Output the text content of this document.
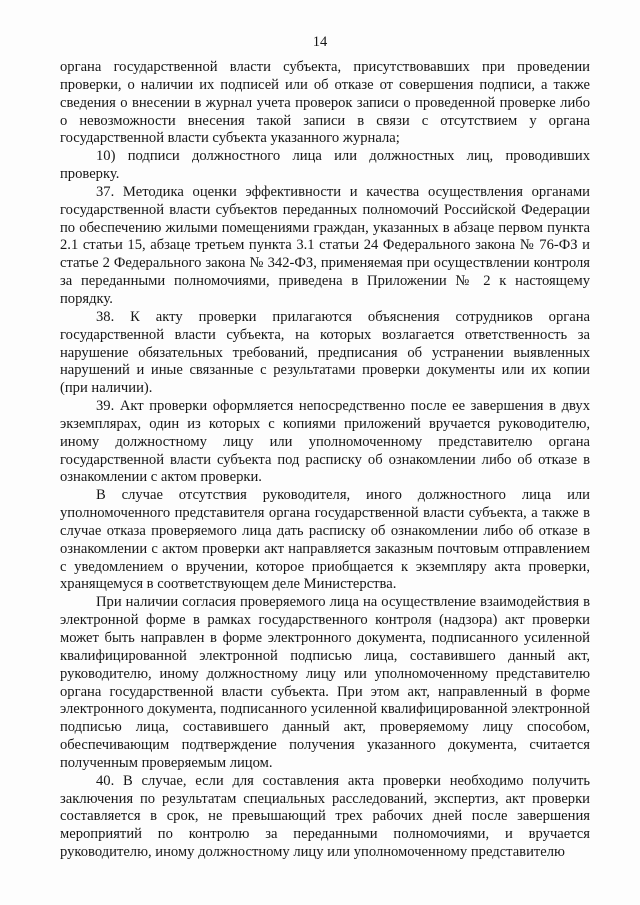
14

органа государственной власти субъекта, присутствовавших при проведении проверки, о наличии их подписей или об отказе от совершения подписи, а также сведения о внесении в журнал учета проверок записи о проведенной проверке либо о невозможности внесения такой записи в связи с отсутствием у органа государственной власти субъекта указанного журнала;

10) подписи должностного лица или должностных лиц, проводивших проверку.

37. Методика оценки эффективности и качества осуществления органами государственной власти субъектов переданных полномочий Российской Федерации по обеспечению жилыми помещениями граждан, указанных в абзаце первом пункта 2.1 статьи 15, абзаце третьем пункта 3.1 статьи 24 Федерального закона № 76-ФЗ и статье 2 Федерального закона № 342-ФЗ, применяемая при осуществлении контроля за переданными полномочиями, приведена в Приложении № 2 к настоящему порядку.

38. К акту проверки прилагаются объяснения сотрудников органа государственной власти субъекта, на которых возлагается ответственность за нарушение обязательных требований, предписания об устранении выявленных нарушений и иные связанные с результатами проверки документы или их копии (при наличии).

39. Акт проверки оформляется непосредственно после ее завершения в двух экземплярах, один из которых с копиями приложений вручается руководителю, иному должностному лицу или уполномоченному представителю органа государственной власти субъекта под расписку об ознакомлении либо об отказе в ознакомлении с актом проверки.

В случае отсутствия руководителя, иного должностного лица или уполномоченного представителя органа государственной власти субъекта, а также в случае отказа проверяемого лица дать расписку об ознакомлении либо об отказе в ознакомлении с актом проверки акт направляется заказным почтовым отправлением с уведомлением о вручении, которое приобщается к экземпляру акта проверки, хранящемуся в соответствующем деле Министерства.

При наличии согласия проверяемого лица на осуществление взаимодействия в электронной форме в рамках государственного контроля (надзора) акт проверки может быть направлен в форме электронного документа, подписанного усиленной квалифицированной электронной подписью лица, составившего данный акт, руководителю, иному должностному лицу или уполномоченному представителю органа государственной власти субъекта. При этом акт, направленный в форме электронного документа, подписанного усиленной квалифицированной электронной подписью лица, составившего данный акт, проверяемому лицу способом, обеспечивающим подтверждение получения указанного документа, считается полученным проверяемым лицом.

40. В случае, если для составления акта проверки необходимо получить заключения по результатам специальных расследований, экспертиз, акт проверки составляется в срок, не превышающий трех рабочих дней после завершения мероприятий по контролю за переданными полномочиями, и вручается руководителю, иному должностному лицу или уполномоченному представителю
